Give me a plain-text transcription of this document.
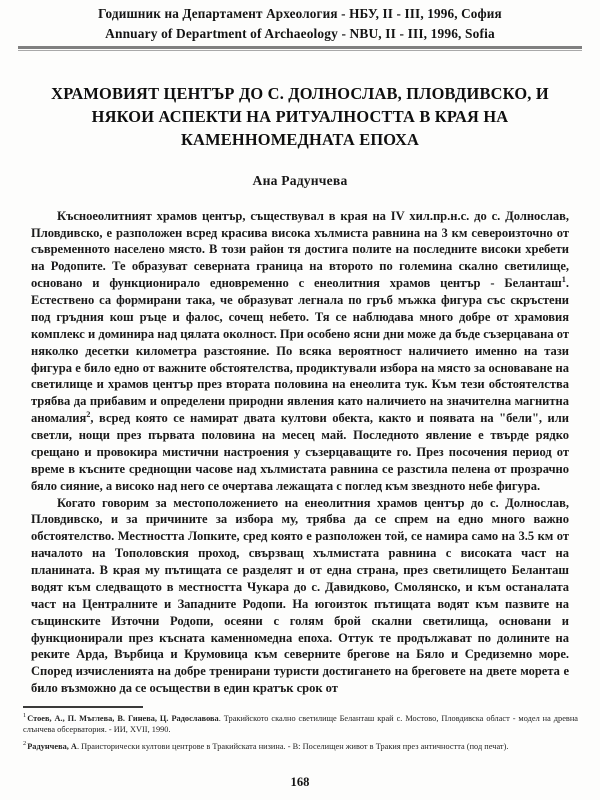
Годишник на Департамент Археология - НБУ, II - III, 1996, София
Annuary of Department of Archaeology - NBU, II - III, 1996, Sofia
ХРАМОВИЯТ ЦЕНТЪР ДО С. ДОЛНОСЛАВ, ПЛОВДИВСКО, И НЯКОИ АСПЕКТИ НА РИТУАЛНОСТТА В КРАЯ НА КАМЕННОМЕДНАТА ЕПОХА
Ана Радунчева

Късноеолитният храмов център, съществувал в края на IV хил.пр.н.с. до с. Долнослав, Пловдивско, е разположен всред красива висока хълмиста равнина на 3 км североизточно от съвременното населено място. В този район тя достига полите на последните високи хребети на Родопите. Те образуват северната граница на второто по големина скално светилище, основано и функционирало едновременно с енеолитния храмов център - Беланташ$^1$. Естествено са формирани така, че образуват легнала по гръб мъжка фигура със скръстени под гръдния кош ръце и фалос, сочещ небето. Тя се наблюдава много добре от храмовия комплекс и доминира над цялата околност. При особено ясни дни може да бъде съзерцавана от няколко десетки километра разстояние. По всяка вероятност наличието именно на тази фигура е било едно от важните обстоятелства, продиктували избора на място за основаване на светилище и храмов център през втората половина на енеолита тук. Към тези обстоятелства трябва да прибавим и определени природни явления като наличието на значителна магнитна аномалия$^2$, всред която се намират двата култови обекта, както и появата на "бели", или светли, нощи през първата половина на месец май. Последното явление е твърде рядко срещано и провокира мистични настроения у съзерцаващите го. През посочения период от време в късните среднощни часове над хълмистата равнина се разстила пелена от прозрачно бяло сияние, а високо над него се очертава лежащата с поглед към звездното небе фигура.

Когато говорим за местоположението на енеолитния храмов център до с. Долнослав, Пловдивско, и за причините за избора му, трябва да се спрем на едно много важно обстоятелство. Местността Лопките, сред която е разположен той, се намира само на 3.5 км от началото на Тополовския проход, свързващ хълмистата равнина с високата част на планината. В края му пътищата се разделят и от една страна, през светилището Беланташ водят към следващото в местността Чукара до с. Давидково, Смолянско, и към останалата част на Централните и Западните Родопи. На югоизток пътищата водят към пазвите на същинските Източни Родопи, осеяни с голям брой скални светилища, основани и функционирали през късната каменномедна епоха. Оттук те продължават по долините на реките Арда, Върбица и Крумовица към северните брегове на Бяло и Средиземно море. Според изчисленията на добре тренирани туристи достигането на бреговете на двете морета е било възможно да се осъществи в един кратък срок от

$^1$Стоев, А., П. Мъглева, В. Гинева, Ц. Радославова. Тракийското скално светилище Беланташ край с. Мостово, Пловдивска област - модел на древна слънчева обсерватория. - ИИ, XVII, 1990.
$^2$Радунчева, А. Праисторически култови центрове в Тракийската низина. - В: Поселищен живот в Тракия през античността (под печат).
168
